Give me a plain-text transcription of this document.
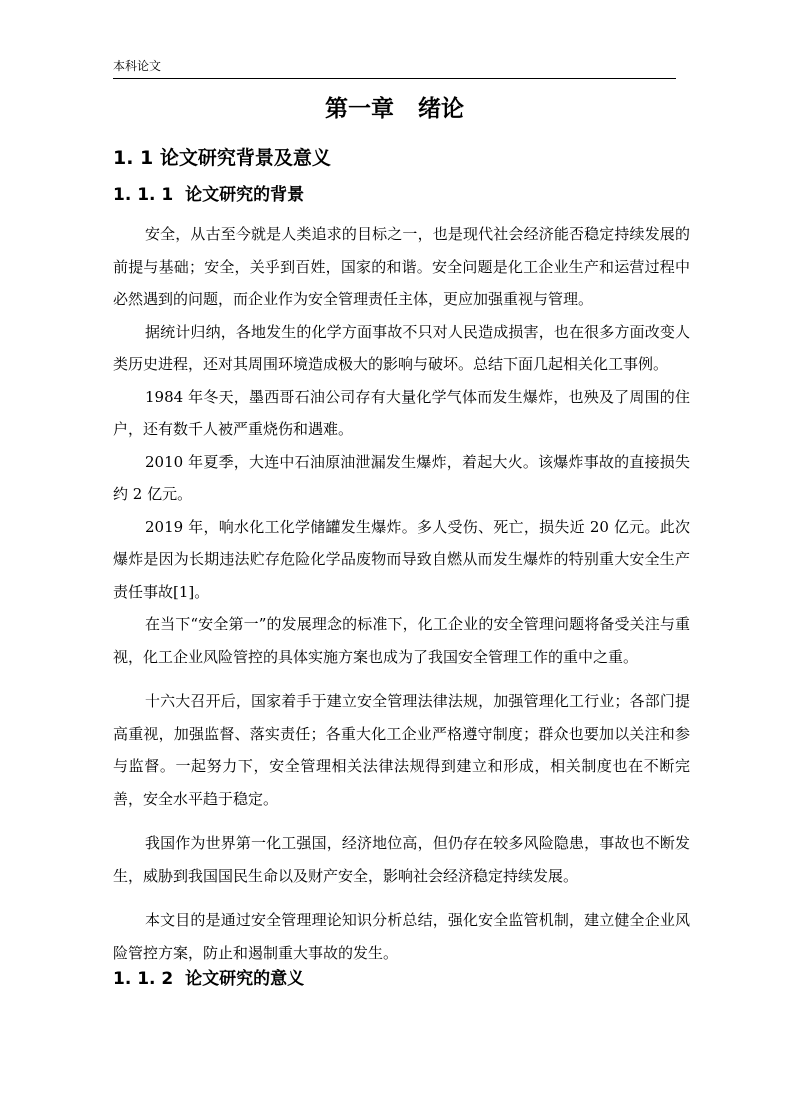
本科论文
第一章   绪论
1. 1 论文研究背景及意义
1. 1. 1  论文研究的背景

安全，从古至今就是人类追求的目标之一，也是现代社会经济能否稳定持续发展的前提与基础；安全，关乎到百姓，国家的和谐。安全问题是化工企业生产和运营过程中必然遇到的问题，而企业作为安全管理责任主体，更应加强重视与管理。

据统计归纳，各地发生的化学方面事故不只对人民造成损害，也在很多方面改变人类历史进程，还对其周围环境造成极大的影响与破坏。总结下面几起相关化工事例。

1984 年冬天，墨西哥石油公司存有大量化学气体而发生爆炸，也殃及了周围的住户，还有数千人被严重烧伤和遇难。

2010 年夏季，大连中石油原油泄漏发生爆炸，着起大火。该爆炸事故的直接损失约 2 亿元。

2019 年，响水化工化学储罐发生爆炸。多人受伤、死亡，损失近 20 亿元。此次爆炸是因为长期违法贮存危险化学品废物而导致自燃从而发生爆炸的特别重大安全生产责任事故[1]。

在当下“安全第一”的发展理念的标准下，化工企业的安全管理问题将备受关注与重视，化工企业风险管控的具体实施方案也成为了我国安全管理工作的重中之重。

十六大召开后，国家着手于建立安全管理法律法规，加强管理化工行业；各部门提高重视，加强监督、落实责任；各重大化工企业严格遵守制度；群众也要加以关注和参与监督。一起努力下，安全管理相关法律法规得到建立和形成，相关制度也在不断完善，安全水平趋于稳定。

我国作为世界第一化工强国，经济地位高，但仍存在较多风险隐患，事故也不断发生，威胁到我国国民生命以及财产安全，影响社会经济稳定持续发展。

本文目的是通过安全管理理论知识分析总结，强化安全监管机制，建立健全企业风险管控方案，防止和遏制重大事故的发生。

1. 1. 2  论文研究的意义
